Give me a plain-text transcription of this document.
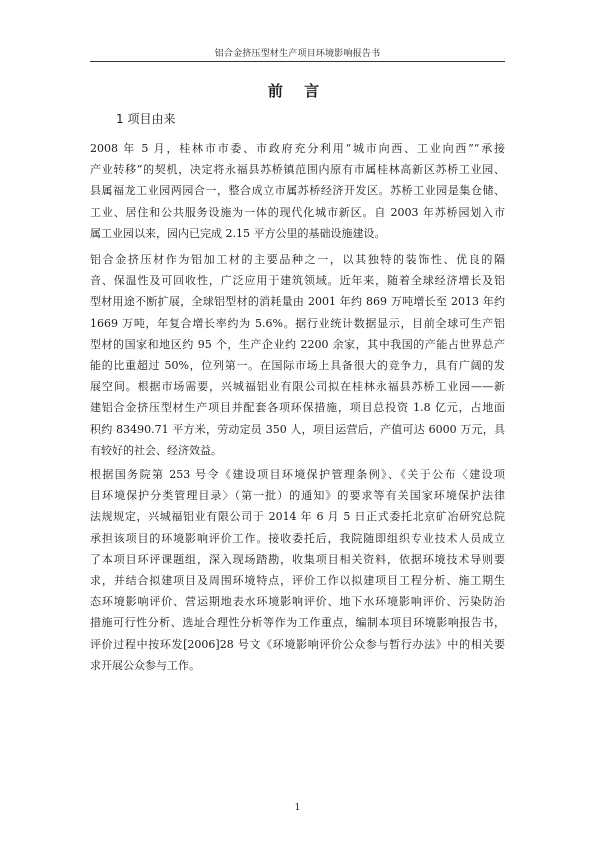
铝合金挤压型材生产项目环境影响报告书
前 言
1 项目由来
2008 年 5 月，桂林市市委、市政府充分利用“城市向西、工业向西”“承接
产业转移”的契机，决定将永福县苏桥镇范围内原有市属桂林高新区苏桥工业园、
县属福龙工业园两园合一，整合成立市属苏桥经济开发区。苏桥工业园是集仓储、
工业、居住和公共服务设施为一体的现代化城市新区。自 2003 年苏桥园划入市
属工业园以来，园内已完成 2.15 平方公里的基础设施建设。
铝合金挤压材作为铝加工材的主要品种之一，以其独特的装饰性、优良的隔
音、保温性及可回收性，广泛应用于建筑领域。近年来，随着全球经济增长及铝
型材用途不断扩展，全球铝型材的消耗量由 2001 年约 869 万吨增长至 2013 年约
1669 万吨，年复合增长率约为 5.6%。据行业统计数据显示，目前全球可生产铝
型材的国家和地区约 95 个，生产企业约 2200 余家，其中我国的产能占世界总产
能的比重超过 50%，位列第一。在国际市场上具备很大的竞争力，具有广阔的发
展空间。根据市场需要，兴城福铝业有限公司拟在桂林永福县苏桥工业园——新
建铝合金挤压型材生产项目并配套各项环保措施，项目总投资 1.8 亿元，占地面
积约 83490.71 平方米，劳动定员 350 人，项目运营后，产值可达 6000 万元，具
有较好的社会、经济效益。
根据国务院第 253 号令《建设项目环境保护管理条例》、《关于公布〈建设项
目环境保护分类管理目录〉（第一批）的通知》的要求等有关国家环境保护法律
法规规定，兴城福铝业有限公司于 2014 年 6 月 5 日正式委托北京矿冶研究总院
承担该项目的环境影响评价工作。接收委托后，我院随即组织专业技术人员成立
了本项目环评课题组，深入现场踏勘，收集项目相关资料，依据环境技术导则要
求，并结合拟建项目及周围环境特点，评价工作以拟建项目工程分析、施工期生
态环境影响评价、营运期地表水环境影响评价、地下水环境影响评价、污染防治
措施可行性分析、选址合理性分析等作为工作重点，编制本项目环境影响报告书，
评价过程中按环发[2006]28 号文《环境影响评价公众参与暂行办法》中的相关要
求开展公众参与工作。
1
